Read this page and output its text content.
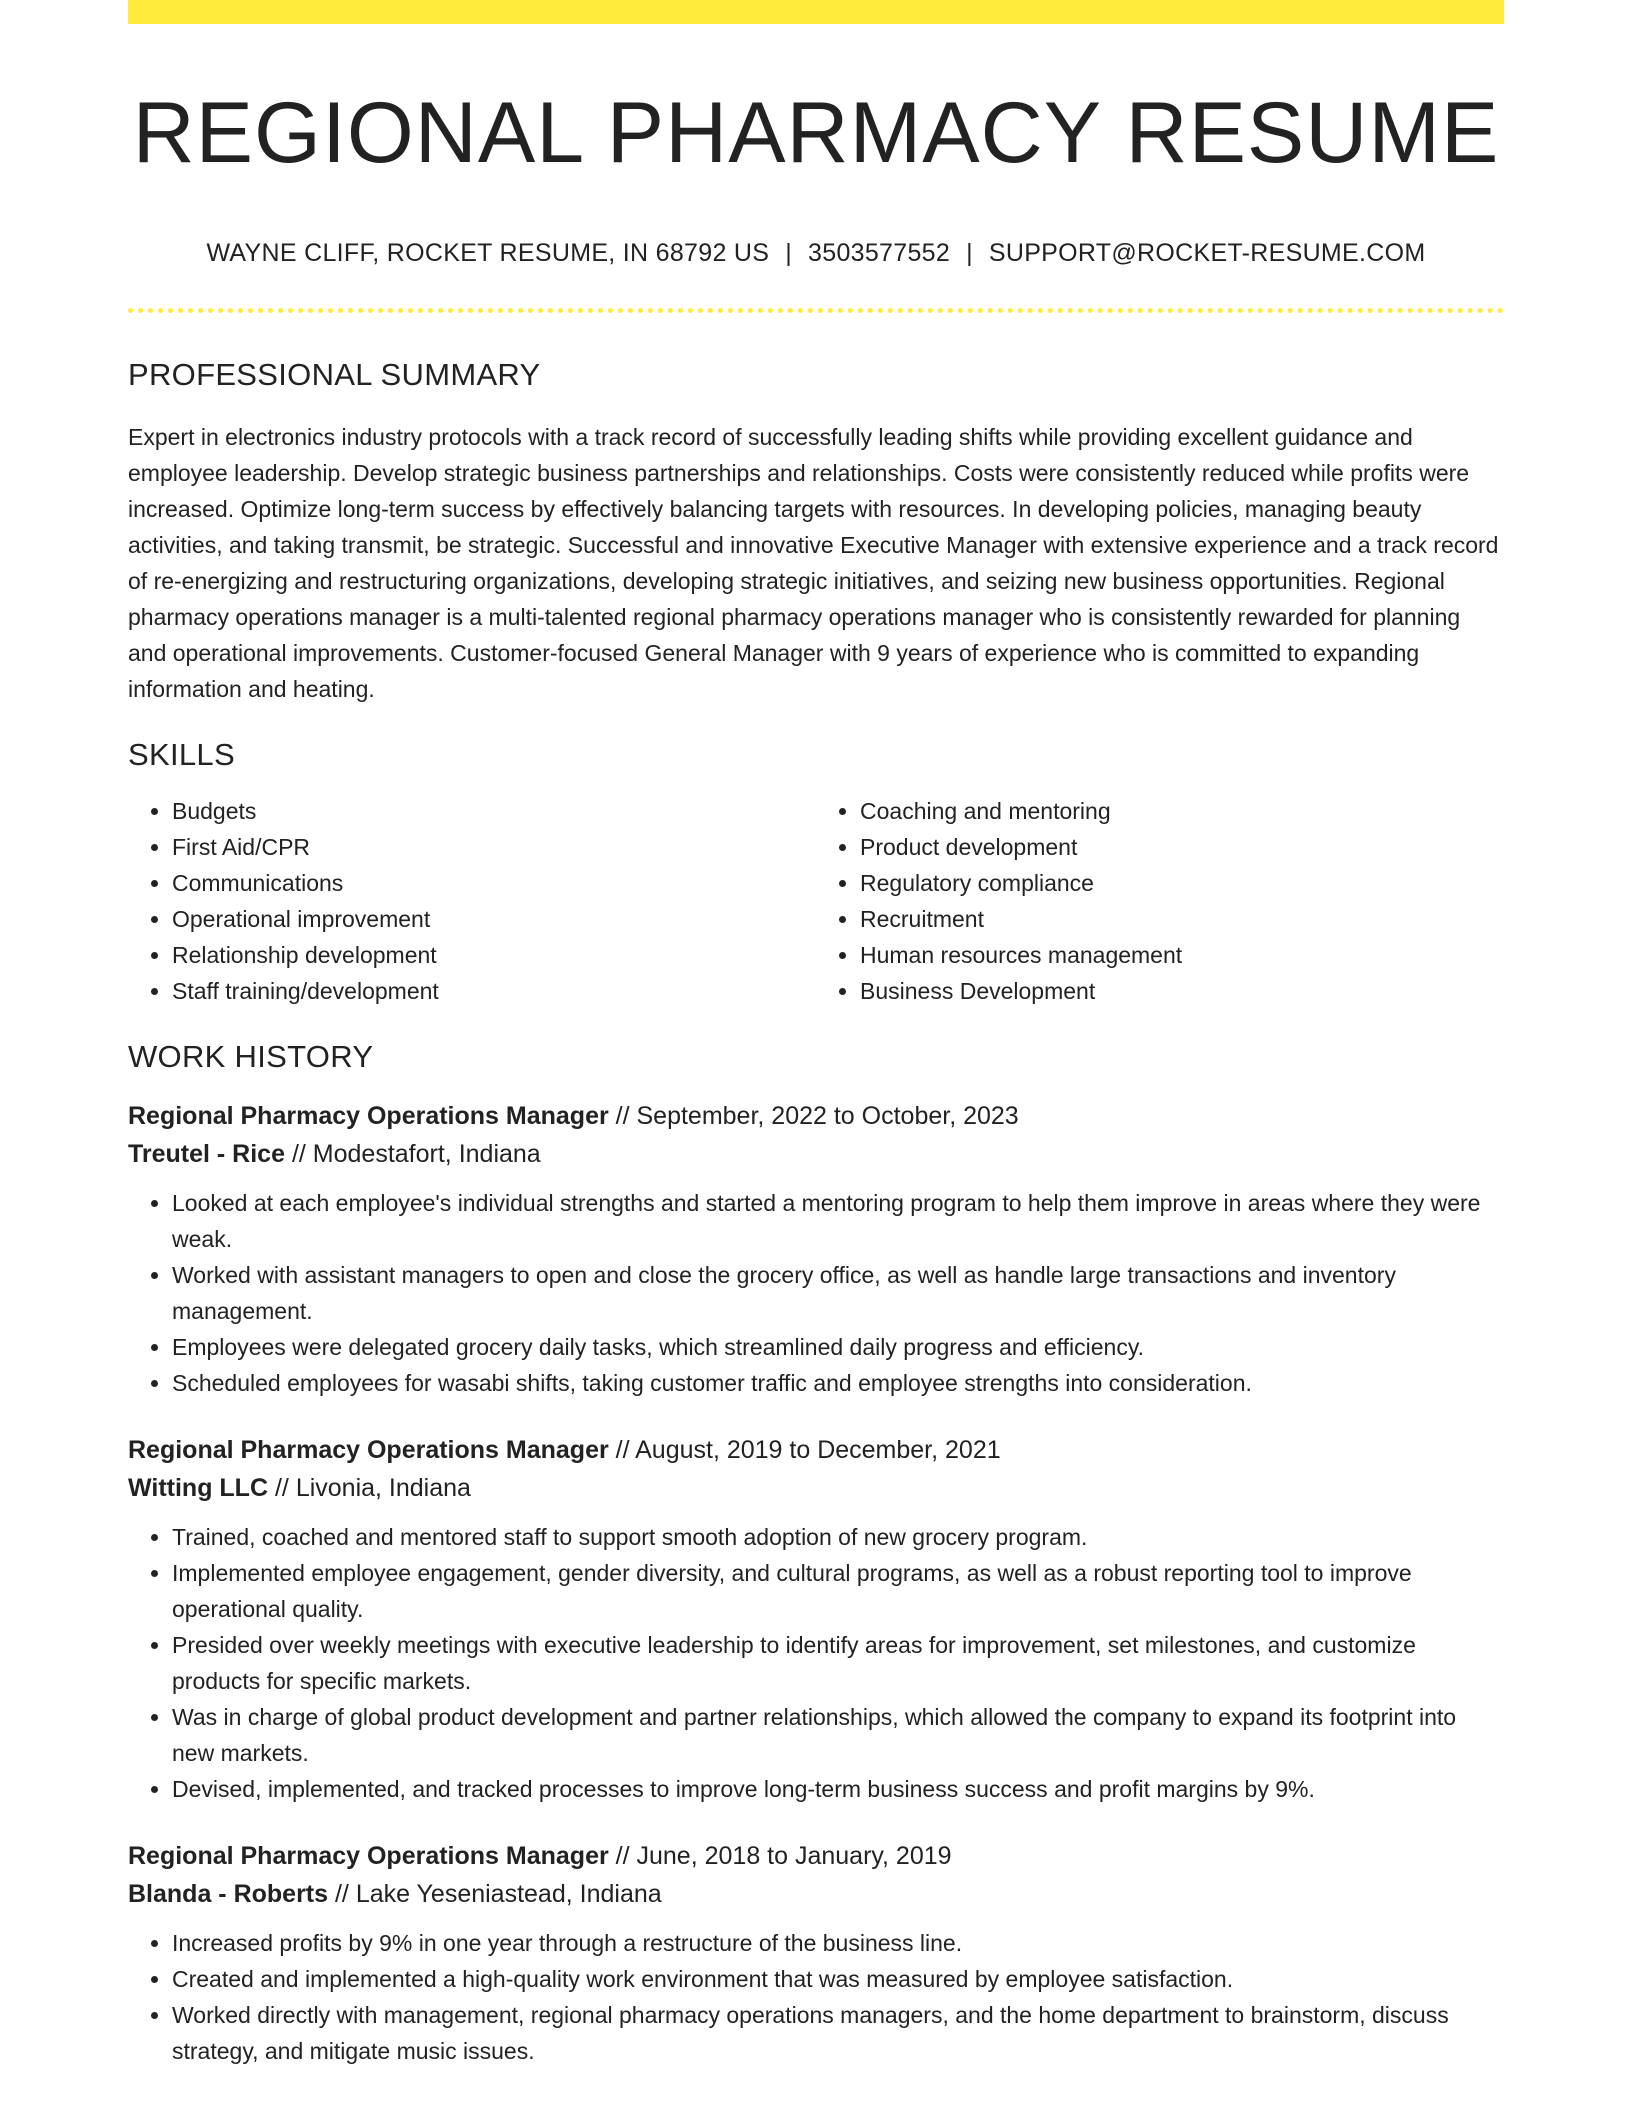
REGIONAL PHARMACY RESUME
WAYNE CLIFF, ROCKET RESUME, IN 68792 US | 3503577552 | SUPPORT@ROCKET-RESUME.COM
PROFESSIONAL SUMMARY

Expert in electronics industry protocols with a track record of successfully leading shifts while providing excellent guidance and employee leadership. Develop strategic business partnerships and relationships. Costs were consistently reduced while profits were increased. Optimize long-term success by effectively balancing targets with resources. In developing policies, managing beauty activities, and taking transmit, be strategic. Successful and innovative Executive Manager with extensive experience and a track record of re-energizing and restructuring organizations, developing strategic initiatives, and seizing new business opportunities. Regional pharmacy operations manager is a multi-talented regional pharmacy operations manager who is consistently rewarded for planning and operational improvements. Customer-focused General Manager with 9 years of experience who is committed to expanding information and heating.

SKILLS
• Budgets
• First Aid/CPR
• Communications
• Operational improvement
• Relationship development
• Staff training/development
• Coaching and mentoring
• Product development
• Regulatory compliance
• Recruitment
• Human resources management
• Business Development
WORK HISTORY
Regional Pharmacy Operations Manager // September, 2022 to October, 2023
Treutel - Rice // Modestafort, Indiana
• Looked at each employee's individual strengths and started a mentoring program to help them improve in areas where they were weak.
• Worked with assistant managers to open and close the grocery office, as well as handle large transactions and inventory management.
• Employees were delegated grocery daily tasks, which streamlined daily progress and efficiency.
• Scheduled employees for wasabi shifts, taking customer traffic and employee strengths into consideration.
Regional Pharmacy Operations Manager // August, 2019 to December, 2021
Witting LLC // Livonia, Indiana
• Trained, coached and mentored staff to support smooth adoption of new grocery program.
• Implemented employee engagement, gender diversity, and cultural programs, as well as a robust reporting tool to improve operational quality.
• Presided over weekly meetings with executive leadership to identify areas for improvement, set milestones, and customize products for specific markets.
• Was in charge of global product development and partner relationships, which allowed the company to expand its footprint into new markets.
• Devised, implemented, and tracked processes to improve long-term business success and profit margins by 9%.
Regional Pharmacy Operations Manager // June, 2018 to January, 2019
Blanda - Roberts // Lake Yeseniastead, Indiana
• Increased profits by 9% in one year through a restructure of the business line.
• Created and implemented a high-quality work environment that was measured by employee satisfaction.
• Worked directly with management, regional pharmacy operations managers, and the home department to brainstorm, discuss strategy, and mitigate music issues.
